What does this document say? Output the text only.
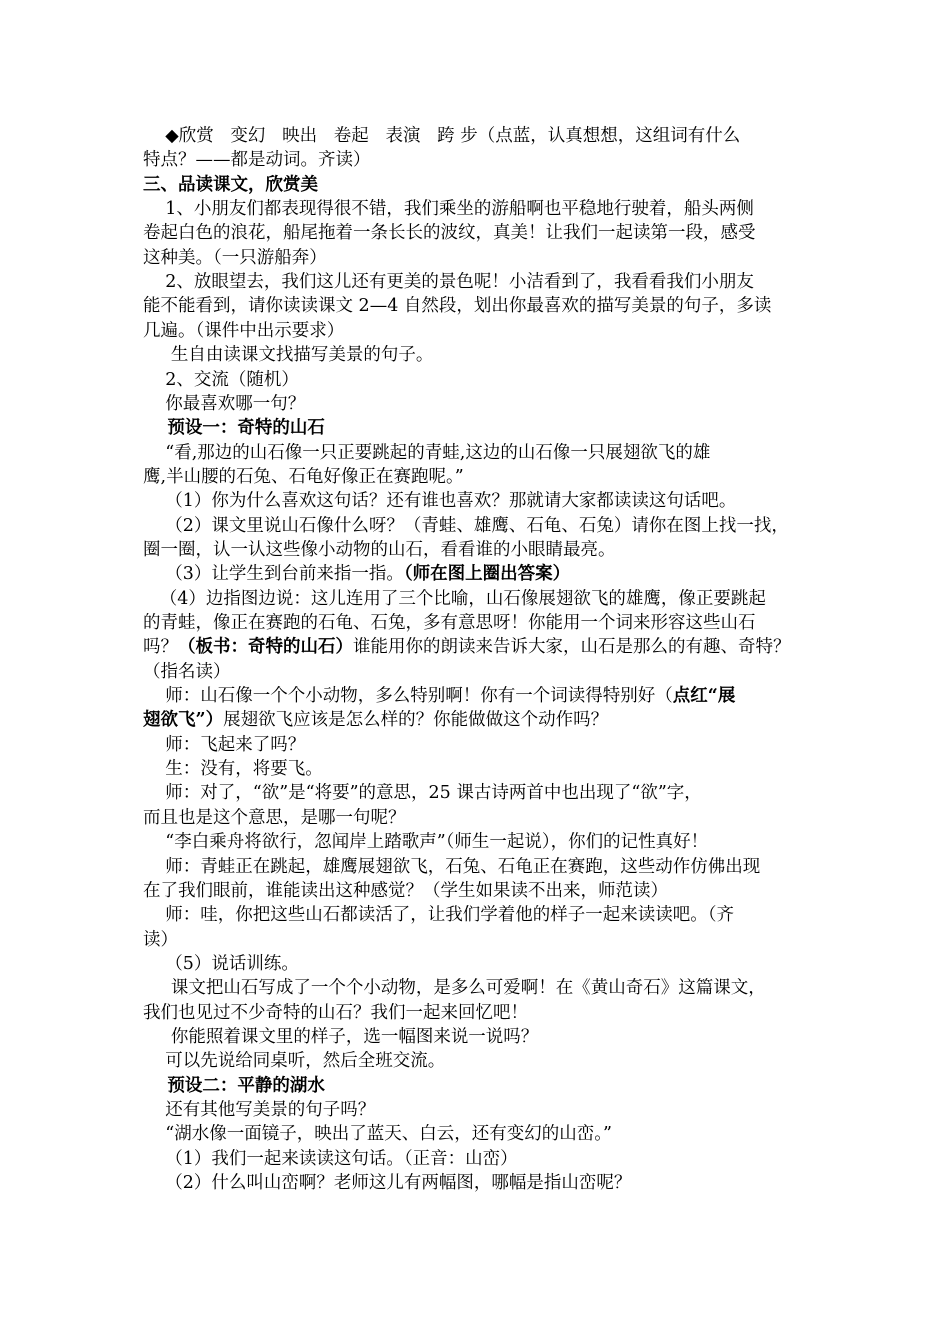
◆欣赏   变幻   映出   卷起   表演   跨 步（点蓝，认真想想，这组词有什么
特点？——都是动词。齐读）
三、品读课文，欣赏美
1、小朋友们都表现得很不错，我们乘坐的游船啊也平稳地行驶着，船头两侧
卷起白色的浪花，船尾拖着一条长长的波纹，真美！让我们一起读第一段，感受
这种美。（一只游船奔）
2、放眼望去，我们这儿还有更美的景色呢！小洁看到了，我看看我们小朋友
能不能看到，请你读读课文 2—4 自然段，划出你最喜欢的描写美景的句子，多读
几遍。（课件中出示要求）
生自由读课文找描写美景的句子。
2、交流（随机）
你最喜欢哪一句？
预设一：奇特的山石
“看,那边的山石像一只正要跳起的青蛙,这边的山石像一只展翅欲飞的雄
鹰,半山腰的石兔、石龟好像正在赛跑呢。”
（1）你为什么喜欢这句话？还有谁也喜欢？那就请大家都读读这句话吧。
（2）课文里说山石像什么呀？（青蛙、雄鹰、石龟、石兔）请你在图上找一找，
圈一圈，认一认这些像小动物的山石，看看谁的小眼睛最亮。
（3）让学生到台前来指一指。（师在图上圈出答案）
（4）边指图边说：这儿连用了三个比喻，山石像展翅欲飞的雄鹰，像正要跳起
的青蛙，像正在赛跑的石龟、石兔，多有意思呀！你能用一个词来形容这些山石
吗？（板书：奇特的山石）谁能用你的朗读来告诉大家，山石是那么的有趣、奇特？
（指名读）
师：山石像一个个小动物，多么特别啊！你有一个词读得特别好（点红“展
翅欲飞”）展翅欲飞应该是怎么样的？你能做做这个动作吗？
师：飞起来了吗？
生：没有，将要飞。
师：对了，“欲”是“将要”的意思，25 课古诗两首中也出现了“欲”字，
而且也是这个意思，是哪一句呢？
“李白乘舟将欲行，忽闻岸上踏歌声”（师生一起说），你们的记性真好！
师：青蛙正在跳起，雄鹰展翅欲飞，石兔、石龟正在赛跑，这些动作仿佛出现
在了我们眼前，谁能读出这种感觉？（学生如果读不出来，师范读）
师：哇，你把这些山石都读活了，让我们学着他的样子一起来读读吧。（齐
读）
（5）说话训练。
课文把山石写成了一个个小动物，是多么可爱啊！在《黄山奇石》这篇课文，
我们也见过不少奇特的山石？我们一起来回忆吧！
你能照着课文里的样子，选一幅图来说一说吗？
可以先说给同桌听，然后全班交流。
预设二：平静的湖水
还有其他写美景的句子吗？
“湖水像一面镜子，映出了蓝天、白云，还有变幻的山峦。”
（1）我们一起来读读这句话。（正音：山峦）
（2）什么叫山峦啊？老师这儿有两幅图，哪幅是指山峦呢？
